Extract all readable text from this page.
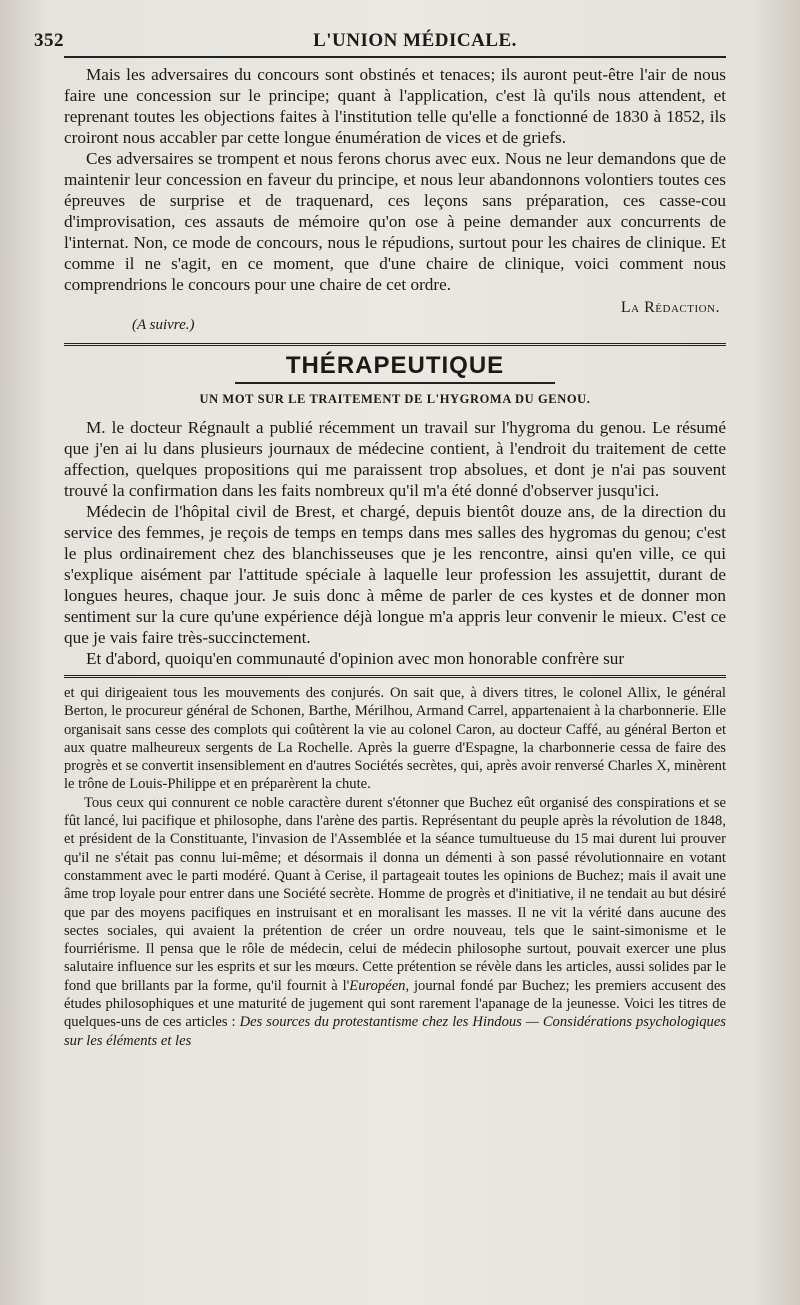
352	L'UNION MÉDICALE.

Mais les adversaires du concours sont obstinés et tenaces; ils auront peut-être l'air de nous faire une concession sur le principe; quant à l'application, c'est là qu'ils nous attendent, et reprenant toutes les objections faites à l'institution telle qu'elle a fonctionné de 1830 à 1852, ils croiront nous accabler par cette longue énumération de vices et de griefs.

Ces adversaires se trompent et nous ferons chorus avec eux. Nous ne leur demandons que de maintenir leur concession en faveur du principe, et nous leur abandonnons volontiers toutes ces épreuves de surprise et de traquenard, ces leçons sans préparation, ces casse-cou d'improvisation, ces assauts de mémoire qu'on ose à peine demander aux concurrents de l'internat. Non, ce mode de concours, nous le répudions, surtout pour les chaires de clinique. Et comme il ne s'agit, en ce moment, que d'une chaire de clinique, voici comment nous comprendrions le concours pour une chaire de cet ordre.

La Rédaction.
(A suivre.)
THÉRAPEUTIQUE
UN MOT SUR LE TRAITEMENT DE L'HYGROMA DU GENOU.

M. le docteur Régnault a publié récemment un travail sur l'hygroma du genou. Le résumé que j'en ai lu dans plusieurs journaux de médecine contient, à l'endroit du traitement de cette affection, quelques propositions qui me paraissent trop absolues, et dont je n'ai pas souvent trouvé la confirmation dans les faits nombreux qu'il m'a été donné d'observer jusqu'ici.

Médecin de l'hôpital civil de Brest, et chargé, depuis bientôt douze ans, de la direction du service des femmes, je reçois de temps en temps dans mes salles des hygromas du genou; c'est le plus ordinairement chez des blanchisseuses que je les rencontre, ainsi qu'en ville, ce qui s'explique aisément par l'attitude spéciale à laquelle leur profession les assujettit, durant de longues heures, chaque jour. Je suis donc à même de parler de ces kystes et de donner mon sentiment sur la cure qu'une expérience déjà longue m'a appris leur convenir le mieux. C'est ce que je vais faire très-succinctement.

Et d'abord, quoiqu'en communauté d'opinion avec mon honorable confrère sur

et qui dirigeaient tous les mouvements des conjurés. On sait que, à divers titres, le colonel Allix, le général Berton, le procureur général de Schonen, Barthe, Mérilhou, Armand Carrel, appartenaient à la charbonnerie. Elle organisait sans cesse des complots qui coûtèrent la vie au colonel Caron, au docteur Caffé, au général Berton et aux quatre malheureux sergents de La Rochelle. Après la guerre d'Espagne, la charbonnerie cessa de faire des progrès et se convertit insensiblement en d'autres Sociétés secrètes, qui, après avoir renversé Charles X, minèrent le trône de Louis-Philippe et en préparèrent la chute.

Tous ceux qui connurent ce noble caractère durent s'étonner que Buchez eût organisé des conspirations et se fût lancé, lui pacifique et philosophe, dans l'arène des partis. Représentant du peuple après la révolution de 1848, et président de la Constituante, l'invasion de l'Assemblée et la séance tumultueuse du 15 mai durent lui prouver qu'il ne s'était pas connu lui-même; et désormais il donna un démenti à son passé révolutionnaire en votant constamment avec le parti modéré. Quant à Cerise, il partageait toutes les opinions de Buchez; mais il avait une âme trop loyale pour entrer dans une Société secrète. Homme de progrès et d'initiative, il ne tendait au but désiré que par des moyens pacifiques en instruisant et en moralisant les masses. Il ne vit la vérité dans aucune des sectes sociales, qui avaient la prétention de créer un ordre nouveau, tels que le saint-simonisme et le fourriérisme. Il pensa que le rôle de médecin, celui de médecin philosophe surtout, pouvait exercer une plus salutaire influence sur les esprits et sur les mœurs. Cette prétention se révèle dans les articles, aussi solides par le fond que brillants par la forme, qu'il fournit à l'Européen, journal fondé par Buchez; les premiers accusent des études philosophiques et une maturité de jugement qui sont rarement l'apanage de la jeunesse. Voici les titres de quelques-uns de ces articles : Des sources du protestantisme chez les Hindous — Considérations psychologiques sur les éléments et les
